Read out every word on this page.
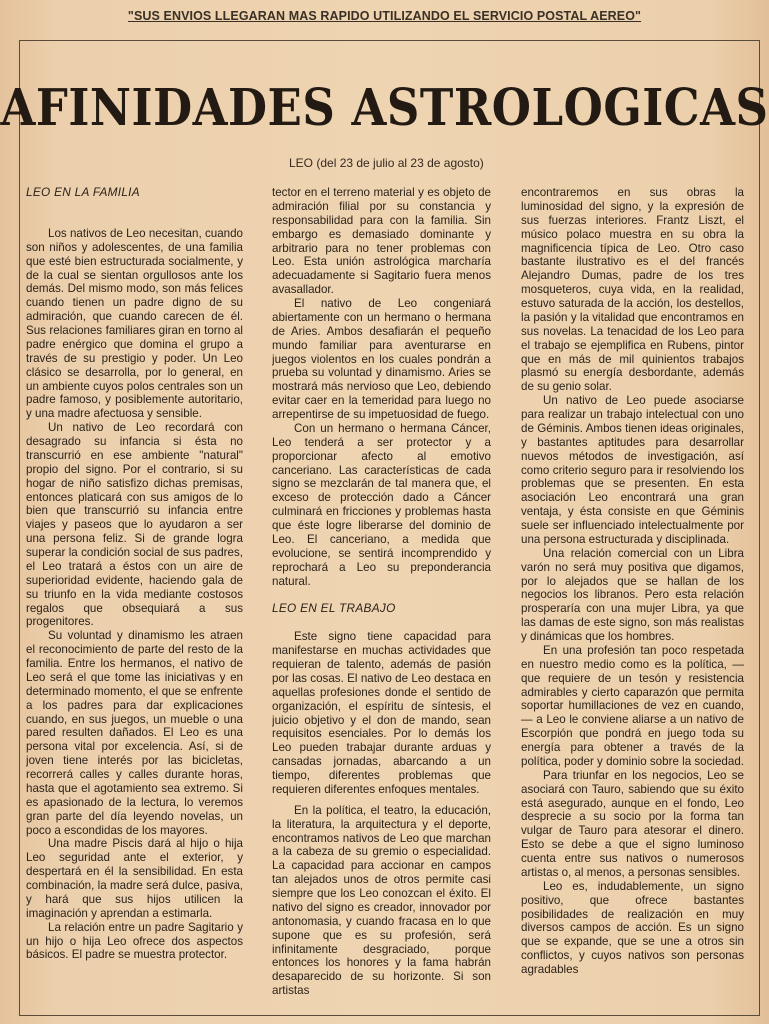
"SUS ENVIOS LLEGARAN MAS RAPIDO UTILIZANDO EL SERVICIO POSTAL AEREO"
AFINIDADES ASTROLOGICAS
LEO (del 23 de julio al 23 de agosto)

LEO EN LA FAMILIA

Los nativos de Leo necesitan, cuando son niños y adolescentes, de una familia que esté bien estructurada socialmente, y de la cual se sientan orgullosos ante los demás. Del mismo modo, son más felices cuando tienen un padre digno de su admiración, que cuando carecen de él. Sus relaciones familiares giran en torno al padre enérgico que domina el grupo a través de su prestigio y poder. Un Leo clásico se desarrolla, por lo general, en un ambiente cuyos polos centrales son un padre famoso, y posiblemente autoritario, y una madre afectuosa y sensible.

Un nativo de Leo recordará con desagrado su infancia si ésta no transcurrió en ese ambiente "natural" propio del signo. Por el contrario, si su hogar de niño satisfizo dichas premisas, entonces platicará con sus amigos de lo bien que transcurrió su infancia entre viajes y paseos que lo ayudaron a ser una persona feliz. Si de grande logra superar la condición social de sus padres, el Leo tratará a éstos con un aire de superioridad evidente, haciendo gala de su triunfo en la vida mediante costosos regalos que obsequiará a sus progenitores.

Su voluntad y dinamismo les atraen el reconocimiento de parte del resto de la familia. Entre los hermanos, el nativo de Leo será el que tome las iniciativas y en determinado momento, el que se enfrente a los padres para dar explicaciones cuando, en sus juegos, un mueble o una pared resulten dañados. El Leo es una persona vital por excelencia. Así, si de joven tiene interés por las bicicletas, recorrerá calles y calles durante horas, hasta que el agotamiento sea extremo. Si es apasionado de la lectura, lo veremos gran parte del día leyendo novelas, un poco a escondidas de los mayores.

Una madre Piscis dará al hijo o hija Leo seguridad ante el exterior, y despertará en él la sensibilidad. En esta combinación, la madre será dulce, pasiva, y hará que sus hijos utilicen la imaginación y aprendan a estimarla.

La relación entre un padre Sagitario y un hijo o hija Leo ofrece dos aspectos básicos. El padre se muestra protector.

tector en el terreno material y es objeto de admiración filial por su constancia y responsabilidad para con la familia. Sin embargo es demasiado dominante y arbitrario para no tener problemas con Leo. Esta unión astrológica marcharía adecuadamente si Sagitario fuera menos avasallador.

El nativo de Leo congeniará abiertamente con un hermano o hermana de Aries. Ambos desafiarán el pequeño mundo familiar para aventurarse en juegos violentos en los cuales pondrán a prueba su voluntad y dinamismo. Aries se mostrará más nervioso que Leo, debiendo evitar caer en la temeridad para luego no arrepentirse de su impetuosidad de fuego.

Con un hermano o hermana Cáncer, Leo tenderá a ser protector y a proporcionar afecto al emotivo canceriano. Las características de cada signo se mezclarán de tal manera que, el exceso de protección dado a Cáncer culminará en fricciones y problemas hasta que éste logre liberarse del dominio de Leo. El canceriano, a medida que evolucione, se sentirá incomprendido y reprochará a Leo su preponderancia natural.

LEO EN EL TRABAJO

Este signo tiene capacidad para manifestarse en muchas actividades que requieran de talento, además de pasión por las cosas. El nativo de Leo destaca en aquellas profesiones donde el sentido de organización, el espíritu de síntesis, el juicio objetivo y el don de mando, sean requisitos esenciales. Por lo demás los Leo pueden trabajar durante arduas y cansadas jornadas, abarcando a un tiempo, diferentes problemas que requieren diferentes enfoques mentales.

En la política, el teatro, la educación, la literatura, la arquitectura y el deporte, encontramos nativos de Leo que marchan a la cabeza de su gremio o especialidad. La capacidad para accionar en campos tan alejados unos de otros permite casi siempre que los Leo conozcan el éxito. El nativo del signo es creador, innovador por antonomasia, y cuando fracasa en lo que supone que es su profesión, será infinitamente desgraciado, porque entonces los honores y la fama habrán desaparecido de su horizonte. Si son artistas

encontraremos en sus obras la luminosidad del signo, y la expresión de sus fuerzas interiores. Frantz Liszt, el músico polaco muestra en su obra la magnificencia típica de Leo. Otro caso bastante ilustrativo es el del francés Alejandro Dumas, padre de los tres mosqueteros, cuya vida, en la realidad, estuvo saturada de la acción, los destellos, la pasión y la vitalidad que encontramos en sus novelas. La tenacidad de los Leo para el trabajo se ejemplifica en Rubens, pintor que en más de mil quinientos trabajos plasmó su energía desbordante, además de su genio solar.

Un nativo de Leo puede asociarse para realizar un trabajo intelectual con uno de Géminis. Ambos tienen ideas originales, y bastantes aptitudes para desarrollar nuevos métodos de investigación, así como criterio seguro para ir resolviendo los problemas que se presenten. En esta asociación Leo encontrará una gran ventaja, y ésta consiste en que Géminis suele ser influenciado intelectualmente por una persona estructurada y disciplinada.

Una relación comercial con un Libra varón no será muy positiva que digamos, por lo alejados que se hallan de los negocios los libranos. Pero esta relación prosperaría con una mujer Libra, ya que las damas de este signo, son más realistas y dinámicas que los hombres.

En una profesión tan poco respetada en nuestro medio como es la política, —que requiere de un tesón y resistencia admirables y cierto caparazón que permita soportar humillaciones de vez en cuando,— a Leo le conviene aliarse a un nativo de Escorpión que pondrá en juego toda su energía para obtener a través de la política, poder y dominio sobre la sociedad.

Para triunfar en los negocios, Leo se asociará con Tauro, sabiendo que su éxito está asegurado, aunque en el fondo, Leo desprecie a su socio por la forma tan vulgar de Tauro para atesorar el dinero. Esto se debe a que el signo luminoso cuenta entre sus nativos o numerosos artistas o, al menos, a personas sensibles.

Leo es, indudablemente, un signo positivo, que ofrece bastantes posibilidades de realización en muy diversos campos de acción. Es un signo que se expande, que se une a otros sin conflictos, y cuyos nativos son personas agradables
